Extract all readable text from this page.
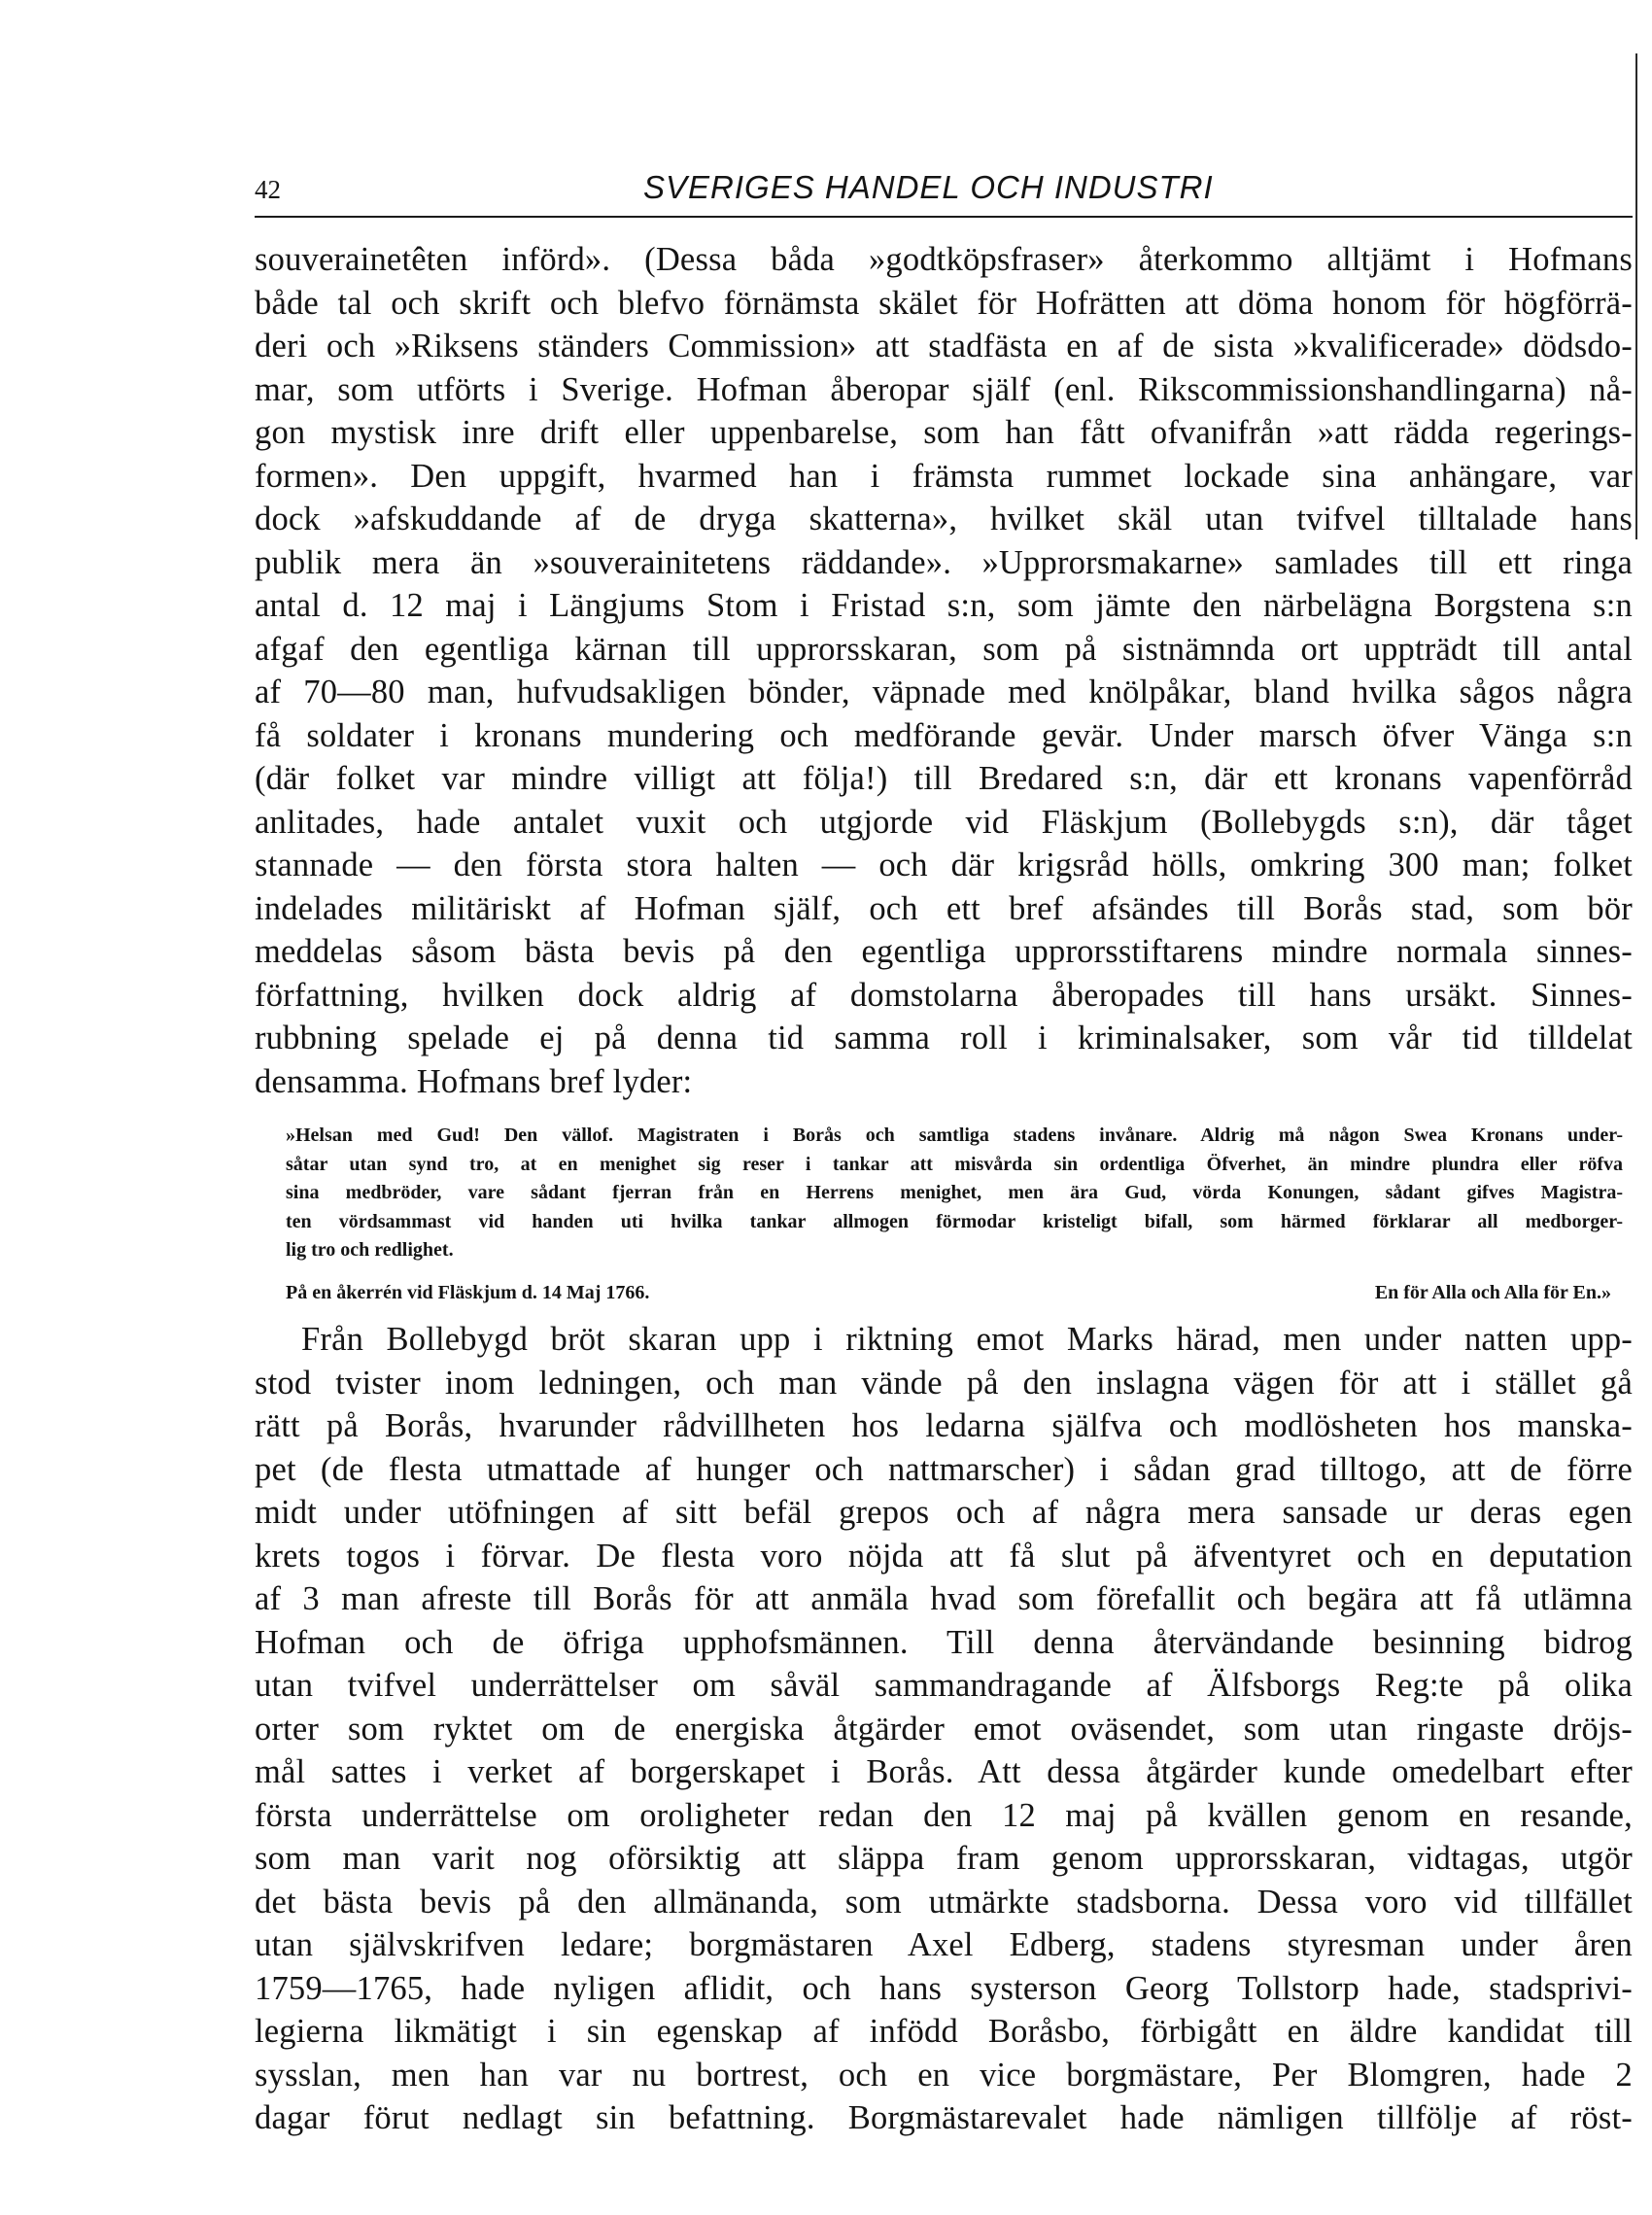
42	SVERIGES HANDEL OCH INDUSTRI
souverainetêten införd». (Dessa båda »godtköpsfraser» återkommo alltjämt i Hofmans
både tal och skrift och blefvo förnämsta skälet för Hofrätten att döma honom för högförrä-
deri och »Riksens ständers Commission» att stadfästa en af de sista »kvalificerade» dödsdo-
mar, som utförts i Sverige. Hofman åberopar själf (enl. Rikscommissionshandlingarna) nå-
gon mystisk inre drift eller uppenbarelse, som han fått ofvanifrån »att rädda regerings-
formen». Den uppgift, hvarmed han i främsta rummet lockade sina anhängare, var
dock »afskuddande af de dryga skatterna», hvilket skäl utan tvifvel tilltalade hans
publik mera än »souverainitetens räddande». »Upprorsmakarne» samlades till ett ringa
antal d. 12 maj i Längjums Stom i Fristad s:n, som jämte den närbelägna Borgstena s:n
afgaf den egentliga kärnan till upprorsskaran, som på sistnämnda ort uppträdt till antal
af 70—80 man, hufvudsakligen bönder, väpnade med knölpåkar, bland hvilka sågos några
få soldater i kronans mundering och medförande gevär. Under marsch öfver Vänga s:n
(där folket var mindre villigt att följa!) till Bredared s:n, där ett kronans vapenförråd
anlitades, hade antalet vuxit och utgjorde vid Fläskjum (Bollebygds s:n), där tåget
stannade — den första stora halten — och där krigsråd hölls, omkring 300 man; folket
indelades militäriskt af Hofman själf, och ett bref afsändes till Borås stad, som bör
meddelas såsom bästa bevis på den egentliga upprorsstiftarens mindre normala sinnes-
författning, hvilken dock aldrig af domstolarna åberopades till hans ursäkt. Sinnes-
rubbning spelade ej på denna tid samma roll i kriminalsaker, som vår tid tilldelat
densamma. Hofmans bref lyder:
»Helsan med Gud! Den vällof. Magistraten i Borås och samtliga stadens invånare. Aldrig må någon Swea Kronans under-
såtar utan synd tro, at en menighet sig reser i tankar att misvårda sin ordentliga Öfverhet, än mindre plundra eller röfva
sina medbröder, vare sådant fjerran från en Herrens menighet, men ära Gud, vörda Konungen, sådant gifves Magistra-
ten vördsammast vid handen uti hvilka tankar allmogen förmodar kristeligt bifall, som härmed förklarar all medborger-
lig tro och redlighet.
På en åkerrén vid Fläskjum d. 14 Maj 1766.	En för Alla och Alla för En.»
Från Bollebygd bröt skaran upp i riktning emot Marks härad, men under natten upp-
stod tvister inom ledningen, och man vände på den inslagna vägen för att i stället gå
rätt på Borås, hvarunder rådvillheten hos ledarna själfva och modlösheten hos manska-
pet (de flesta utmattade af hunger och nattmarscher) i sådan grad tilltogo, att de förre
midt under utöfningen af sitt befäl grepos och af några mera sansade ur deras egen
krets togos i förvar. De flesta voro nöjda att få slut på äfventyret och en deputation
af 3 man afreste till Borås för att anmäla hvad som förefallit och begära att få utlämna
Hofman och de öfriga upphofsmännen. Till denna återvändande besinning bidrog
utan tvifvel underrättelser om såväl sammandragande af Älfsborgs Reg:te på olika
orter som ryktet om de energiska åtgärder emot oväsendet, som utan ringaste dröjs-
mål sattes i verket af borgerskapet i Borås. Att dessa åtgärder kunde omedelbart efter
första underrättelse om oroligheter redan den 12 maj på kvällen genom en resande,
som man varit nog oförsiktig att släppa fram genom upprorsskaran, vidtagas, utgör
det bästa bevis på den allmänanda, som utmärkte stadsborna. Dessa voro vid tillfället
utan självskrifven ledare; borgmästaren Axel Edberg, stadens styresman under åren
1759—1765, hade nyligen aflidit, och hans systerson Georg Tollstorp hade, stadsprivi-
legierna likmätigt i sin egenskap af infödd Boråsbo, förbigått en äldre kandidat till
sysslan, men han var nu bortrest, och en vice borgmästare, Per Blomgren, hade 2
dagar förut nedlagt sin befattning. Borgmästarevalet hade nämligen tillfölje af röst-
